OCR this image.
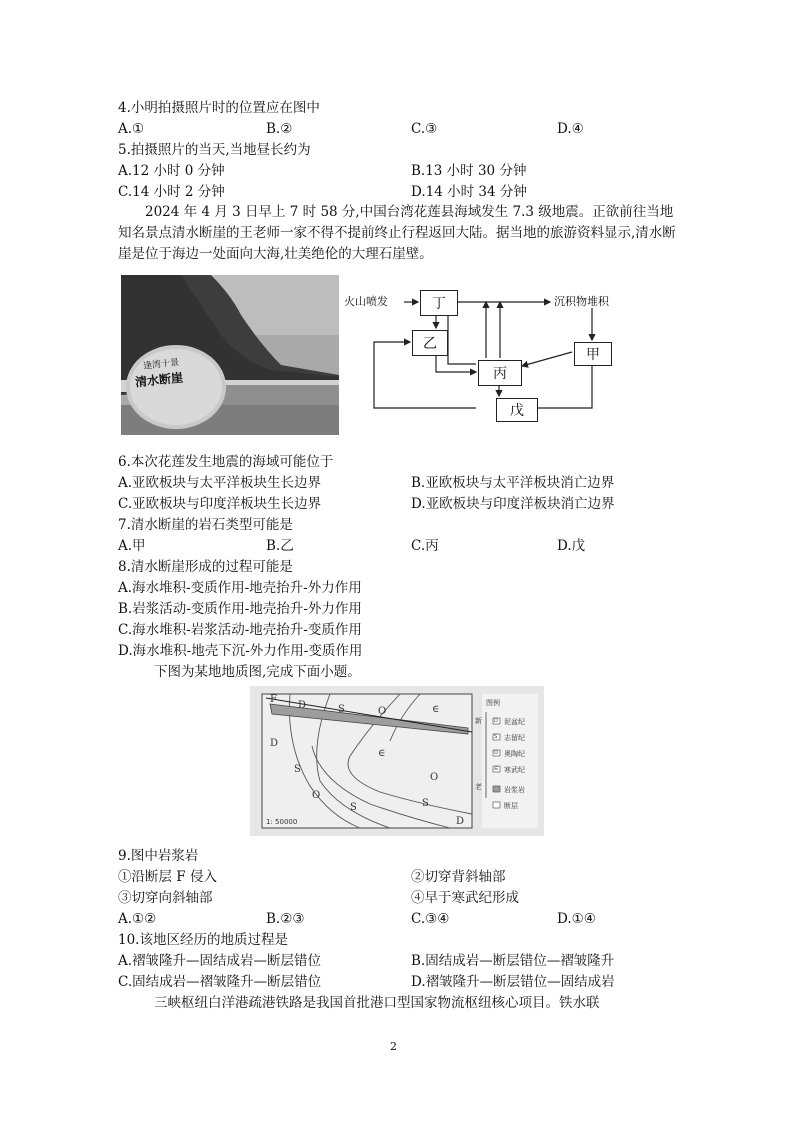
4.小明拍摄照片时的位置应在图中
A.①	B.②	C.③	D.④
5.拍摄照片的当天,当地昼长约为
A.12 小时 0 分钟	B.13 小时 30 分钟
C.14 小时 2 分钟	D.14 小时 34 分钟
2024 年 4 月 3 日早上 7 时 58 分,中国台湾花莲县海域发生 7.3 级地震。正欲前往当地知名景点清水断崖的王老师一家不得不提前终止行程返回大陆。据当地的旅游资料显示,清水断崖是位于海边一处面向大海,壮美绝伦的大理石崖壁。
逢湾十景
清水断崖
火山喷发	沉积物堆积
丁
乙
甲
丙
戊
6.本次花莲发生地震的海域可能位于
A.亚欧板块与太平洋板块生长边界	B.亚欧板块与太平洋板块消亡边界
C.亚欧板块与印度洋板块生长边界	D.亚欧板块与印度洋板块消亡边界
7.清水断崖的岩石类型可能是
A.甲	B.乙	C.丙	D.戊
8.清水断崖形成的过程可能是
A.海水堆积-变质作用-地壳抬升-外力作用
B.岩浆活动-变质作用-地壳抬升-外力作用
C.海水堆积-岩浆活动-地壳抬升-变质作用
D.海水堆积-地壳下沉-外力作用-变质作用
下图为某地地质图,完成下面小题。
F
D	S	O	∈
D
S
∈
O
S
O
S
D
图例
新
老
D
S
O
∈
泥盆纪
志留纪
奥陶纪
寒武纪
岩浆岩
断层
1: 50000
9.图中岩浆岩
①沿断层 F 侵入	②切穿背斜轴部
③切穿向斜轴部	④早于寒武纪形成
A.①②	B.②③	C.③④	D.①④
10.该地区经历的地质过程是
A.褶皱隆升—固结成岩—断层错位	B.固结成岩—断层错位—褶皱隆升
C.固结成岩—褶皱隆升—断层错位	D.褶皱隆升—断层错位—固结成岩
三峡枢纽白洋港疏港铁路是我国首批港口型国家物流枢纽核心项目。铁水联
2
